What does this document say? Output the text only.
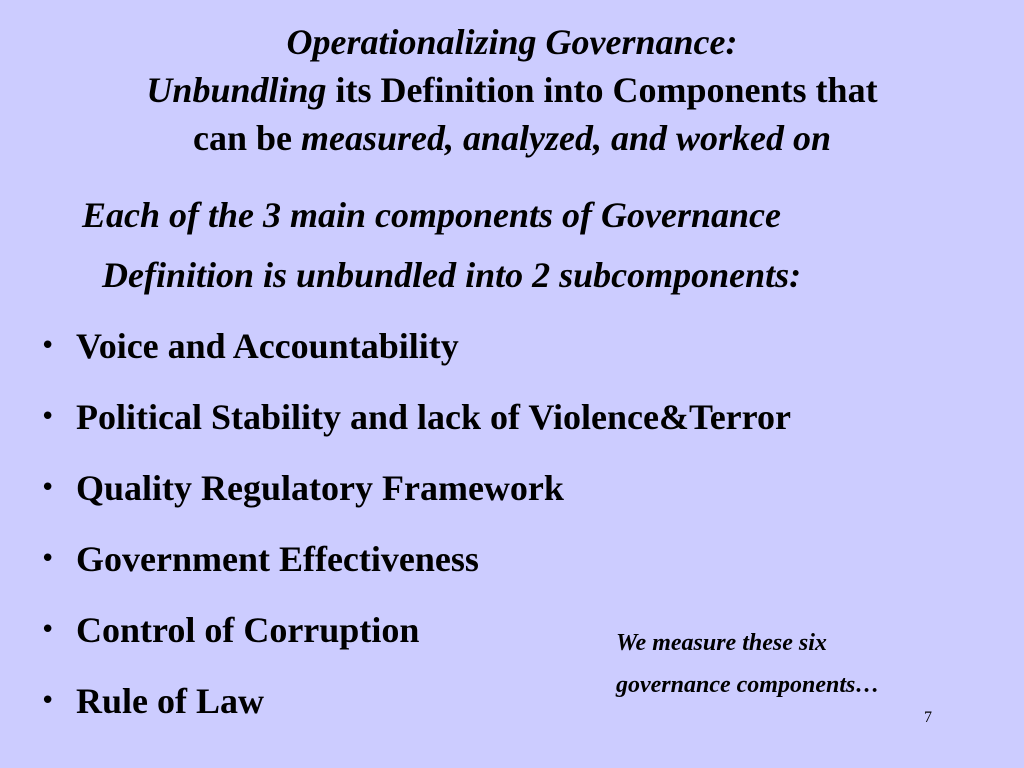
Operationalizing Governance:
Unbundling its Definition into Components that
can be measured, analyzed, and worked on
Each of the 3 main components of Governance
Definition is unbundled into 2 subcomponents:
• Voice and Accountability
• Political Stability and lack of Violence&Terror
• Quality Regulatory Framework
• Government Effectiveness
• Control of Corruption
• Rule of Law
We measure these six
governance components…
7
